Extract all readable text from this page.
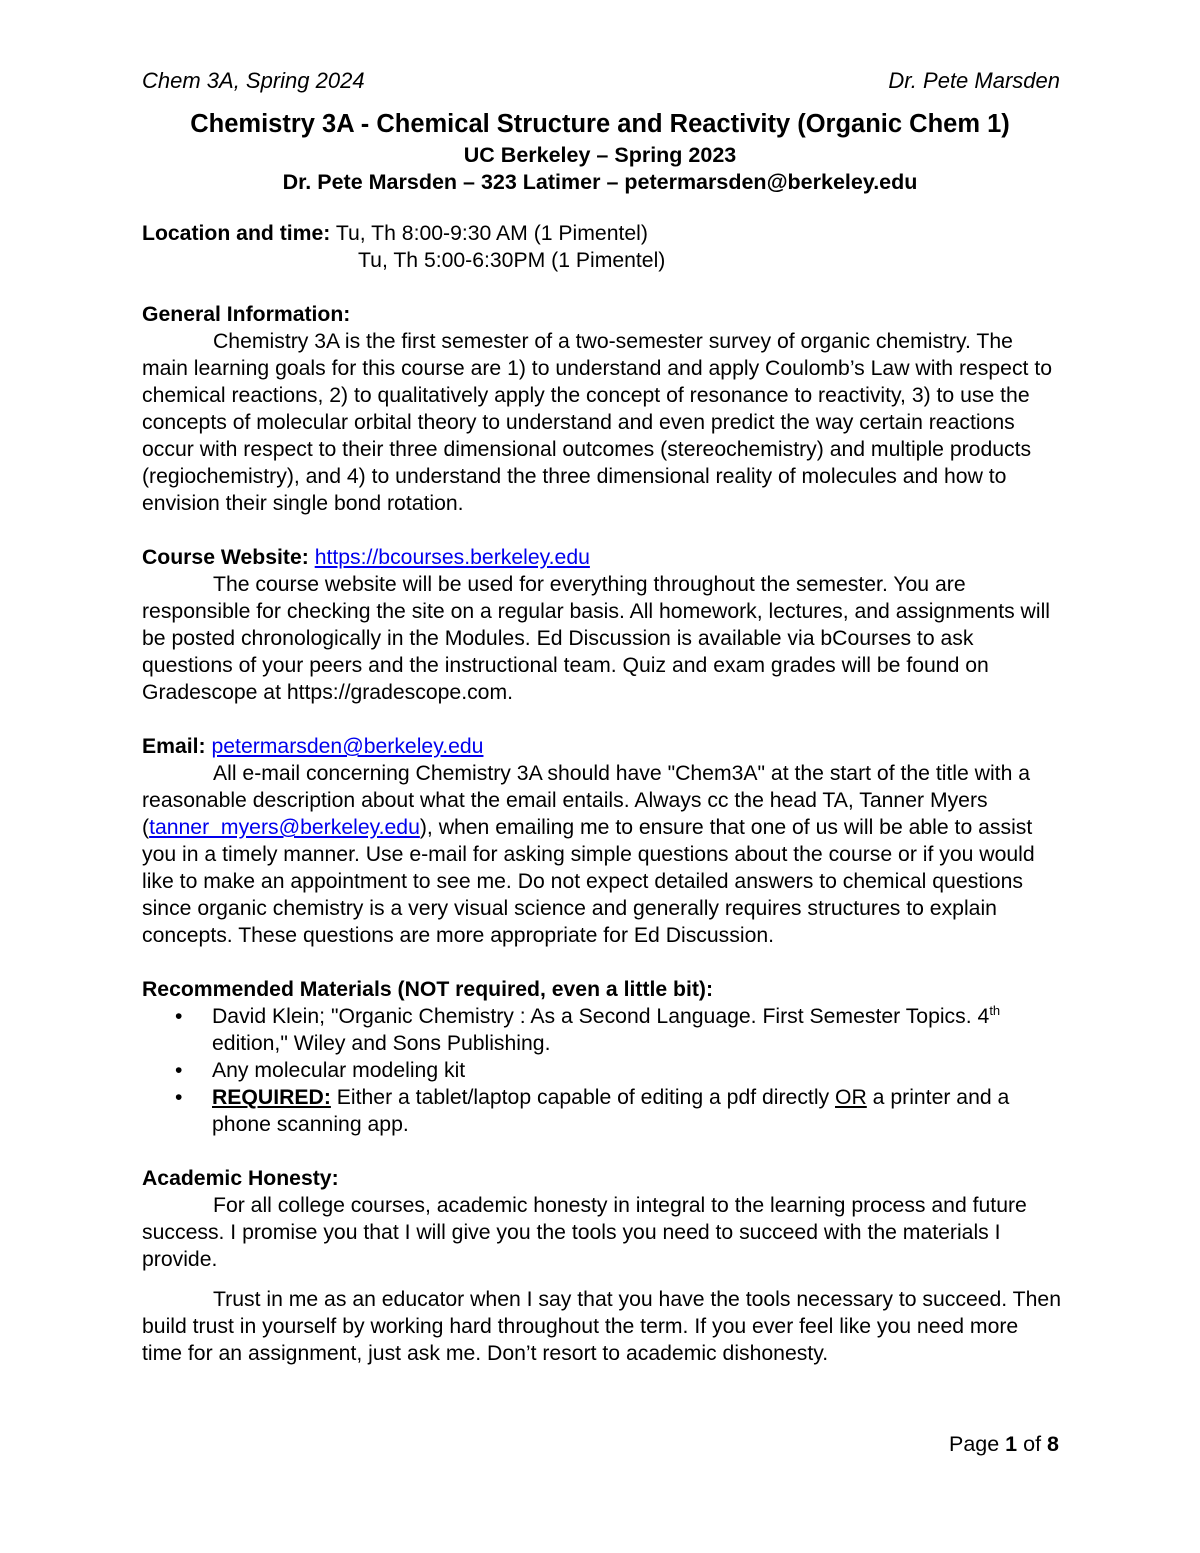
Chem 3A, Spring 2024	Dr. Pete Marsden
Chemistry 3A - Chemical Structure and Reactivity (Organic Chem 1)
UC Berkeley – Spring 2023
Dr. Pete Marsden – 323 Latimer – petermarsden@berkeley.edu

Location and time: Tu, Th 8:00-9:30 AM (1 Pimentel)

Tu, Th 5:00-6:30PM (1 Pimentel)

General Information:

Chemistry 3A is the first semester of a two-semester survey of organic chemistry. The main learning goals for this course are 1) to understand and apply Coulomb’s Law with respect to chemical reactions, 2) to qualitatively apply the concept of resonance to reactivity, 3) to use the concepts of molecular orbital theory to understand and even predict the way certain reactions occur with respect to their three dimensional outcomes (stereochemistry) and multiple products (regiochemistry), and 4) to understand the three dimensional reality of molecules and how to envision their single bond rotation.

Course Website: https://bcourses.berkeley.edu

The course website will be used for everything throughout the semester. You are responsible for checking the site on a regular basis. All homework, lectures, and assignments will be posted chronologically in the Modules. Ed Discussion is available via bCourses to ask questions of your peers and the instructional team. Quiz and exam grades will be found on Gradescope at https://gradescope.com.

Email: petermarsden@berkeley.edu

All e-mail concerning Chemistry 3A should have "Chem3A" at the start of the title with a reasonable description about what the email entails. Always cc the head TA, Tanner Myers (tanner_myers@berkeley.edu), when emailing me to ensure that one of us will be able to assist you in a timely manner. Use e-mail for asking simple questions about the course or if you would like to make an appointment to see me. Do not expect detailed answers to chemical questions since organic chemistry is a very visual science and generally requires structures to explain concepts. These questions are more appropriate for Ed Discussion.

Recommended Materials (NOT required, even a little bit):

• David Klein; "Organic Chemistry : As a Second Language. First Semester Topics. 4th edition," Wiley and Sons Publishing.
• Any molecular modeling kit
• REQUIRED: Either a tablet/laptop capable of editing a pdf directly OR a printer and a phone scanning app.

Academic Honesty:

For all college courses, academic honesty in integral to the learning process and future success. I promise you that I will give you the tools you need to succeed with the materials I provide.

Trust in me as an educator when I say that you have the tools necessary to succeed. Then build trust in yourself by working hard throughout the term. If you ever feel like you need more time for an assignment, just ask me. Don’t resort to academic dishonesty.

Page 1 of 8
